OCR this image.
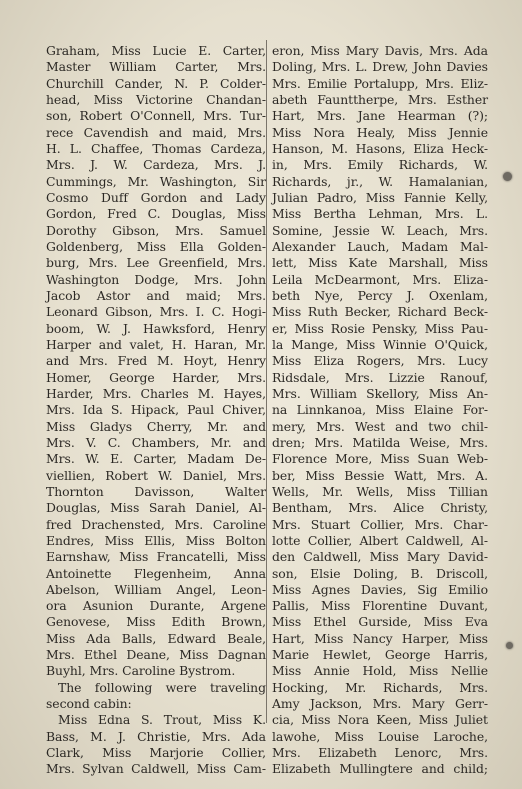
Graham, Miss Lucie E. Carter,
Master William Carter, Mrs.
Churchill Cander, N. P. Colder-
head, Miss Victorine Chandan-
son, Robert O'Connell, Mrs. Tur-
rece Cavendish and maid, Mrs.
H. L. Chaffee, Thomas Cardeza,
Mrs. J. W. Cardeza, Mrs. J.
Cummings, Mr. Washington, Sir
Cosmo Duff Gordon and Lady
Gordon, Fred C. Douglas, Miss
Dorothy Gibson, Mrs. Samuel
Goldenberg, Miss Ella Golden-
burg, Mrs. Lee Greenfield, Mrs.
Washington Dodge, Mrs. John
Jacob Astor and maid; Mrs.
Leonard Gibson, Mrs. I. C. Hogi-
boom, W. J. Hawksford, Henry
Harper and valet, H. Haran, Mr.
and Mrs. Fred M. Hoyt, Henry
Homer, George Harder, Mrs.
Harder, Mrs. Charles M. Hayes,
Mrs. Ida S. Hipack, Paul Chiver,
Miss Gladys Cherry, Mr. and
Mrs. V. C. Chambers, Mr. and
Mrs. W. E. Carter, Madam De-
viellien, Robert W. Daniel, Mrs.
Thornton Davisson, Walter
Douglas, Miss Sarah Daniel, Al-
fred Drachensted, Mrs. Caroline
Endres, Miss Ellis, Miss Bolton
Earnshaw, Miss Francatelli, Miss
Antoinette Flegenheim, Anna
Abelson, William Angel, Leon-
ora Asunion Durante, Argene
Genovese, Miss Edith Brown,
Miss Ada Balls, Edward Beale,
Mrs. Ethel Deane, Miss Dagnan
Buyhl, Mrs. Caroline Bystrom.
The following were traveling
second cabin:
Miss Edna S. Trout, Miss K.
Bass, M. J. Christie, Mrs. Ada
Clark, Miss Marjorie Collier,
Mrs. Sylvan Caldwell, Miss Cam-
eron, Miss Mary Davis, Mrs. Ada
Doling, Mrs. L. Drew, John Davies
Mrs. Emilie Portalupp, Mrs. Eliz-
abeth Faunttherpe, Mrs. Esther
Hart, Mrs. Jane Hearman (?);
Miss Nora Healy, Miss Jennie
Hanson, M. Hasons, Eliza Heck-
in, Mrs. Emily Richards, W.
Richards, jr., W. Hamalanian,
Julian Padro, Miss Fannie Kelly,
Miss Bertha Lehman, Mrs. L.
Somine, Jessie W. Leach, Mrs.
Alexander Lauch, Madam Mal-
lett, Miss Kate Marshall, Miss
Leila McDearmont, Mrs. Eliza-
beth Nye, Percy J. Oxenlam,
Miss Ruth Becker, Richard Beck-
er, Miss Rosie Pensky, Miss Pau-
la Mange, Miss Winnie O'Quick,
Miss Eliza Rogers, Mrs. Lucy
Ridsdale, Mrs. Lizzie Ranouf,
Mrs. William Skellory, Miss An-
na Linnkanoa, Miss Elaine For-
mery, Mrs. West and two chil-
dren; Mrs. Matilda Weise, Mrs.
Florence More, Miss Suan Web-
ber, Miss Bessie Watt, Mrs. A.
Wells, Mr. Wells, Miss Tillian
Bentham, Mrs. Alice Christy,
Mrs. Stuart Collier, Mrs. Char-
lotte Collier, Albert Caldwell, Al-
den Caldwell, Miss Mary David-
son, Elsie Doling, B. Driscoll,
Miss Agnes Davies, Sig Emilio
Pallis, Miss Florentine Duvant,
Miss Ethel Gurside, Miss Eva
Hart, Miss Nancy Harper, Miss
Marie Hewlet, George Harris,
Miss Annie Hold, Miss Nellie
Hocking, Mr. Richards, Mrs.
Amy Jackson, Mrs. Mary Gerr-
cia, Miss Nora Keen, Miss Juliet
lawohe, Miss Louise Laroche,
Mrs. Elizabeth Lenorc, Mrs.
Elizabeth Mullingtere and child;
